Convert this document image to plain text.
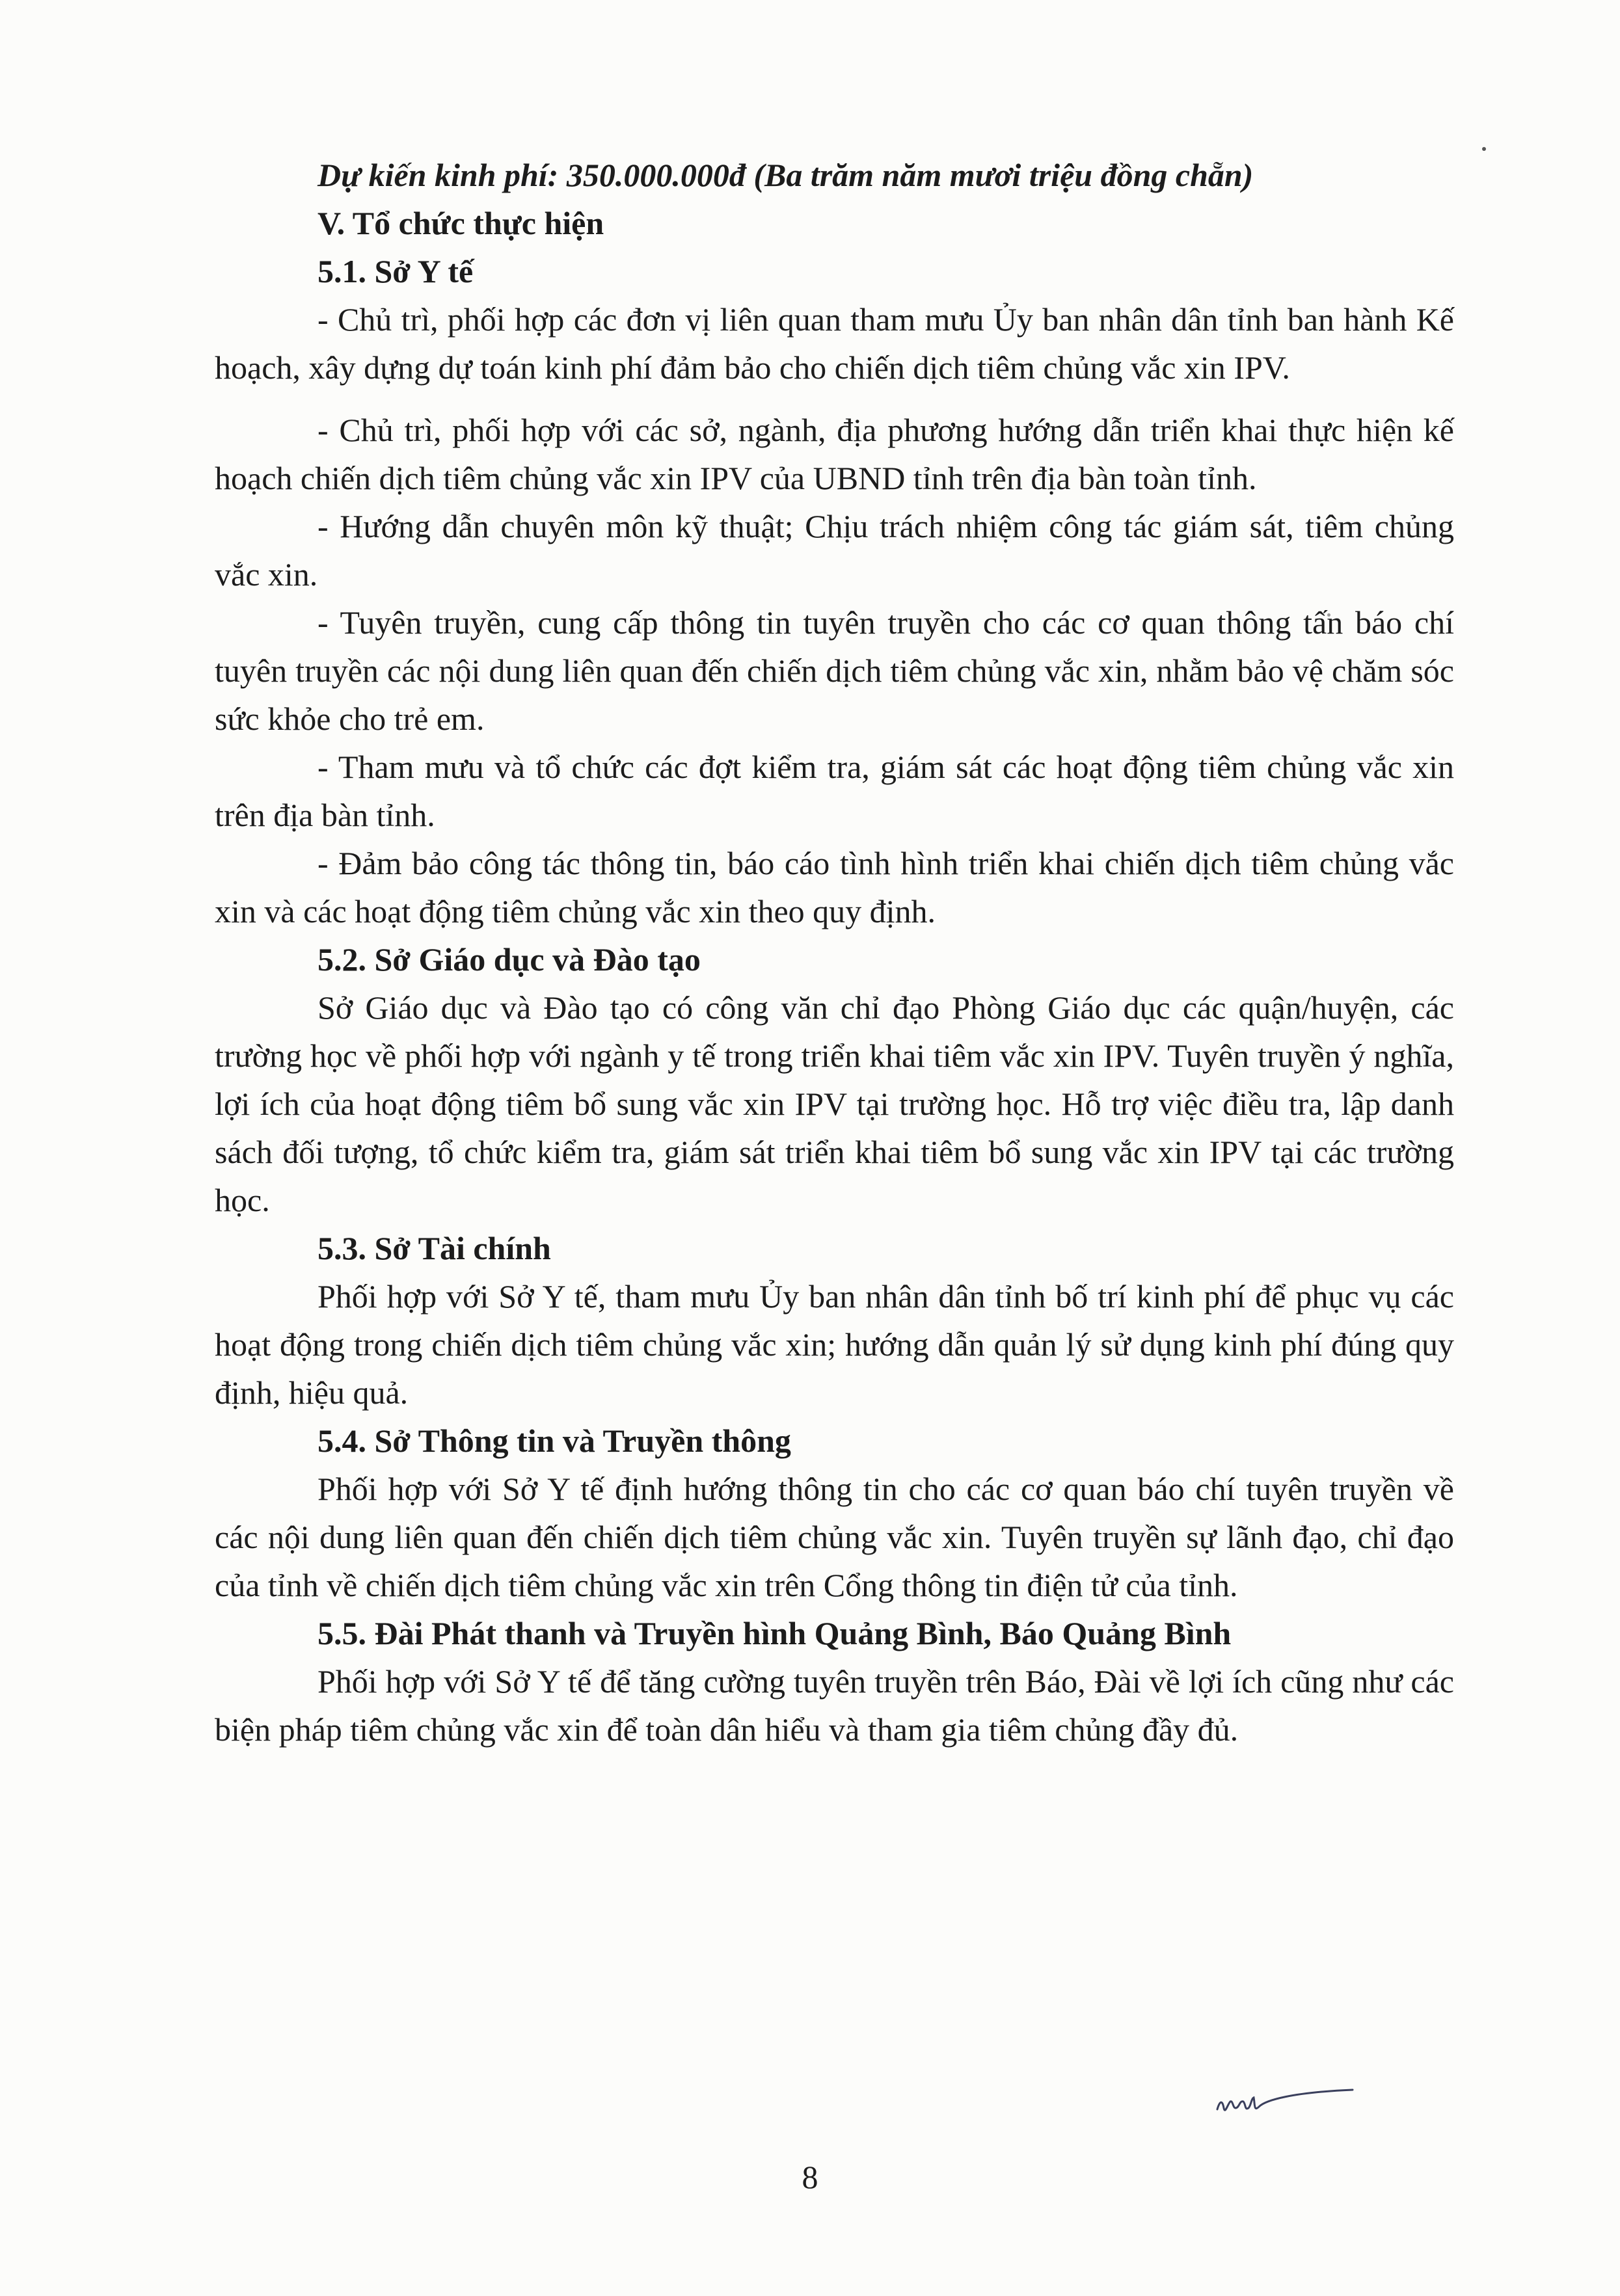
Dự kiến kinh phí: 350.000.000đ (Ba trăm năm mươi triệu đồng chẵn)

V. Tổ chức thực hiện

5.1. Sở Y tế

- Chủ trì, phối hợp các đơn vị liên quan tham mưu Ủy ban nhân dân tỉnh ban hành Kế hoạch, xây dựng dự toán kinh phí đảm bảo cho chiến dịch tiêm chủng vắc xin IPV.

- Chủ trì, phối hợp với các sở, ngành, địa phương hướng dẫn triển khai thực hiện kế hoạch chiến dịch tiêm chủng vắc xin IPV của UBND tỉnh trên địa bàn toàn tỉnh.

- Hướng dẫn chuyên môn kỹ thuật; Chịu trách nhiệm công tác giám sát, tiêm chủng vắc xin.

- Tuyên truyền, cung cấp thông tin tuyên truyền cho các cơ quan thông tấn báo chí tuyên truyền các nội dung liên quan đến chiến dịch tiêm chủng vắc xin, nhằm bảo vệ chăm sóc sức khỏe cho trẻ em.

- Tham mưu và tổ chức các đợt kiểm tra, giám sát các hoạt động tiêm chủng vắc xin trên địa bàn tỉnh.

- Đảm bảo công tác thông tin, báo cáo tình hình triển khai chiến dịch tiêm chủng vắc xin và các hoạt động tiêm chủng vắc xin theo quy định.

5.2. Sở Giáo dục và Đào tạo

Sở Giáo dục và Đào tạo có công văn chỉ đạo Phòng Giáo dục các quận/huyện, các trường học về phối hợp với ngành y tế trong triển khai tiêm vắc xin IPV. Tuyên truyền ý nghĩa, lợi ích của hoạt động tiêm bổ sung vắc xin IPV tại trường học. Hỗ trợ việc điều tra, lập danh sách đối tượng, tổ chức kiểm tra, giám sát triển khai tiêm bổ sung vắc xin IPV tại các trường học.

5.3. Sở Tài chính

Phối hợp với Sở Y tế, tham mưu Ủy ban nhân dân tỉnh bố trí kinh phí để phục vụ các hoạt động trong chiến dịch tiêm chủng vắc xin; hướng dẫn quản lý sử dụng kinh phí đúng quy định, hiệu quả.

5.4. Sở Thông tin và Truyền thông

Phối hợp với Sở Y tế định hướng thông tin cho các cơ quan báo chí tuyên truyền về các nội dung liên quan đến chiến dịch tiêm chủng vắc xin. Tuyên truyền sự lãnh đạo, chỉ đạo của tỉnh về chiến dịch tiêm chủng vắc xin trên Cổng thông tin điện tử của tỉnh.

5.5. Đài Phát thanh và Truyền hình Quảng Bình, Báo Quảng Bình

Phối hợp với Sở Y tế để tăng cường tuyên truyền trên Báo, Đài về lợi ích cũng như các biện pháp tiêm chủng vắc xin để toàn dân hiểu và tham gia tiêm chủng đầy đủ.

8
